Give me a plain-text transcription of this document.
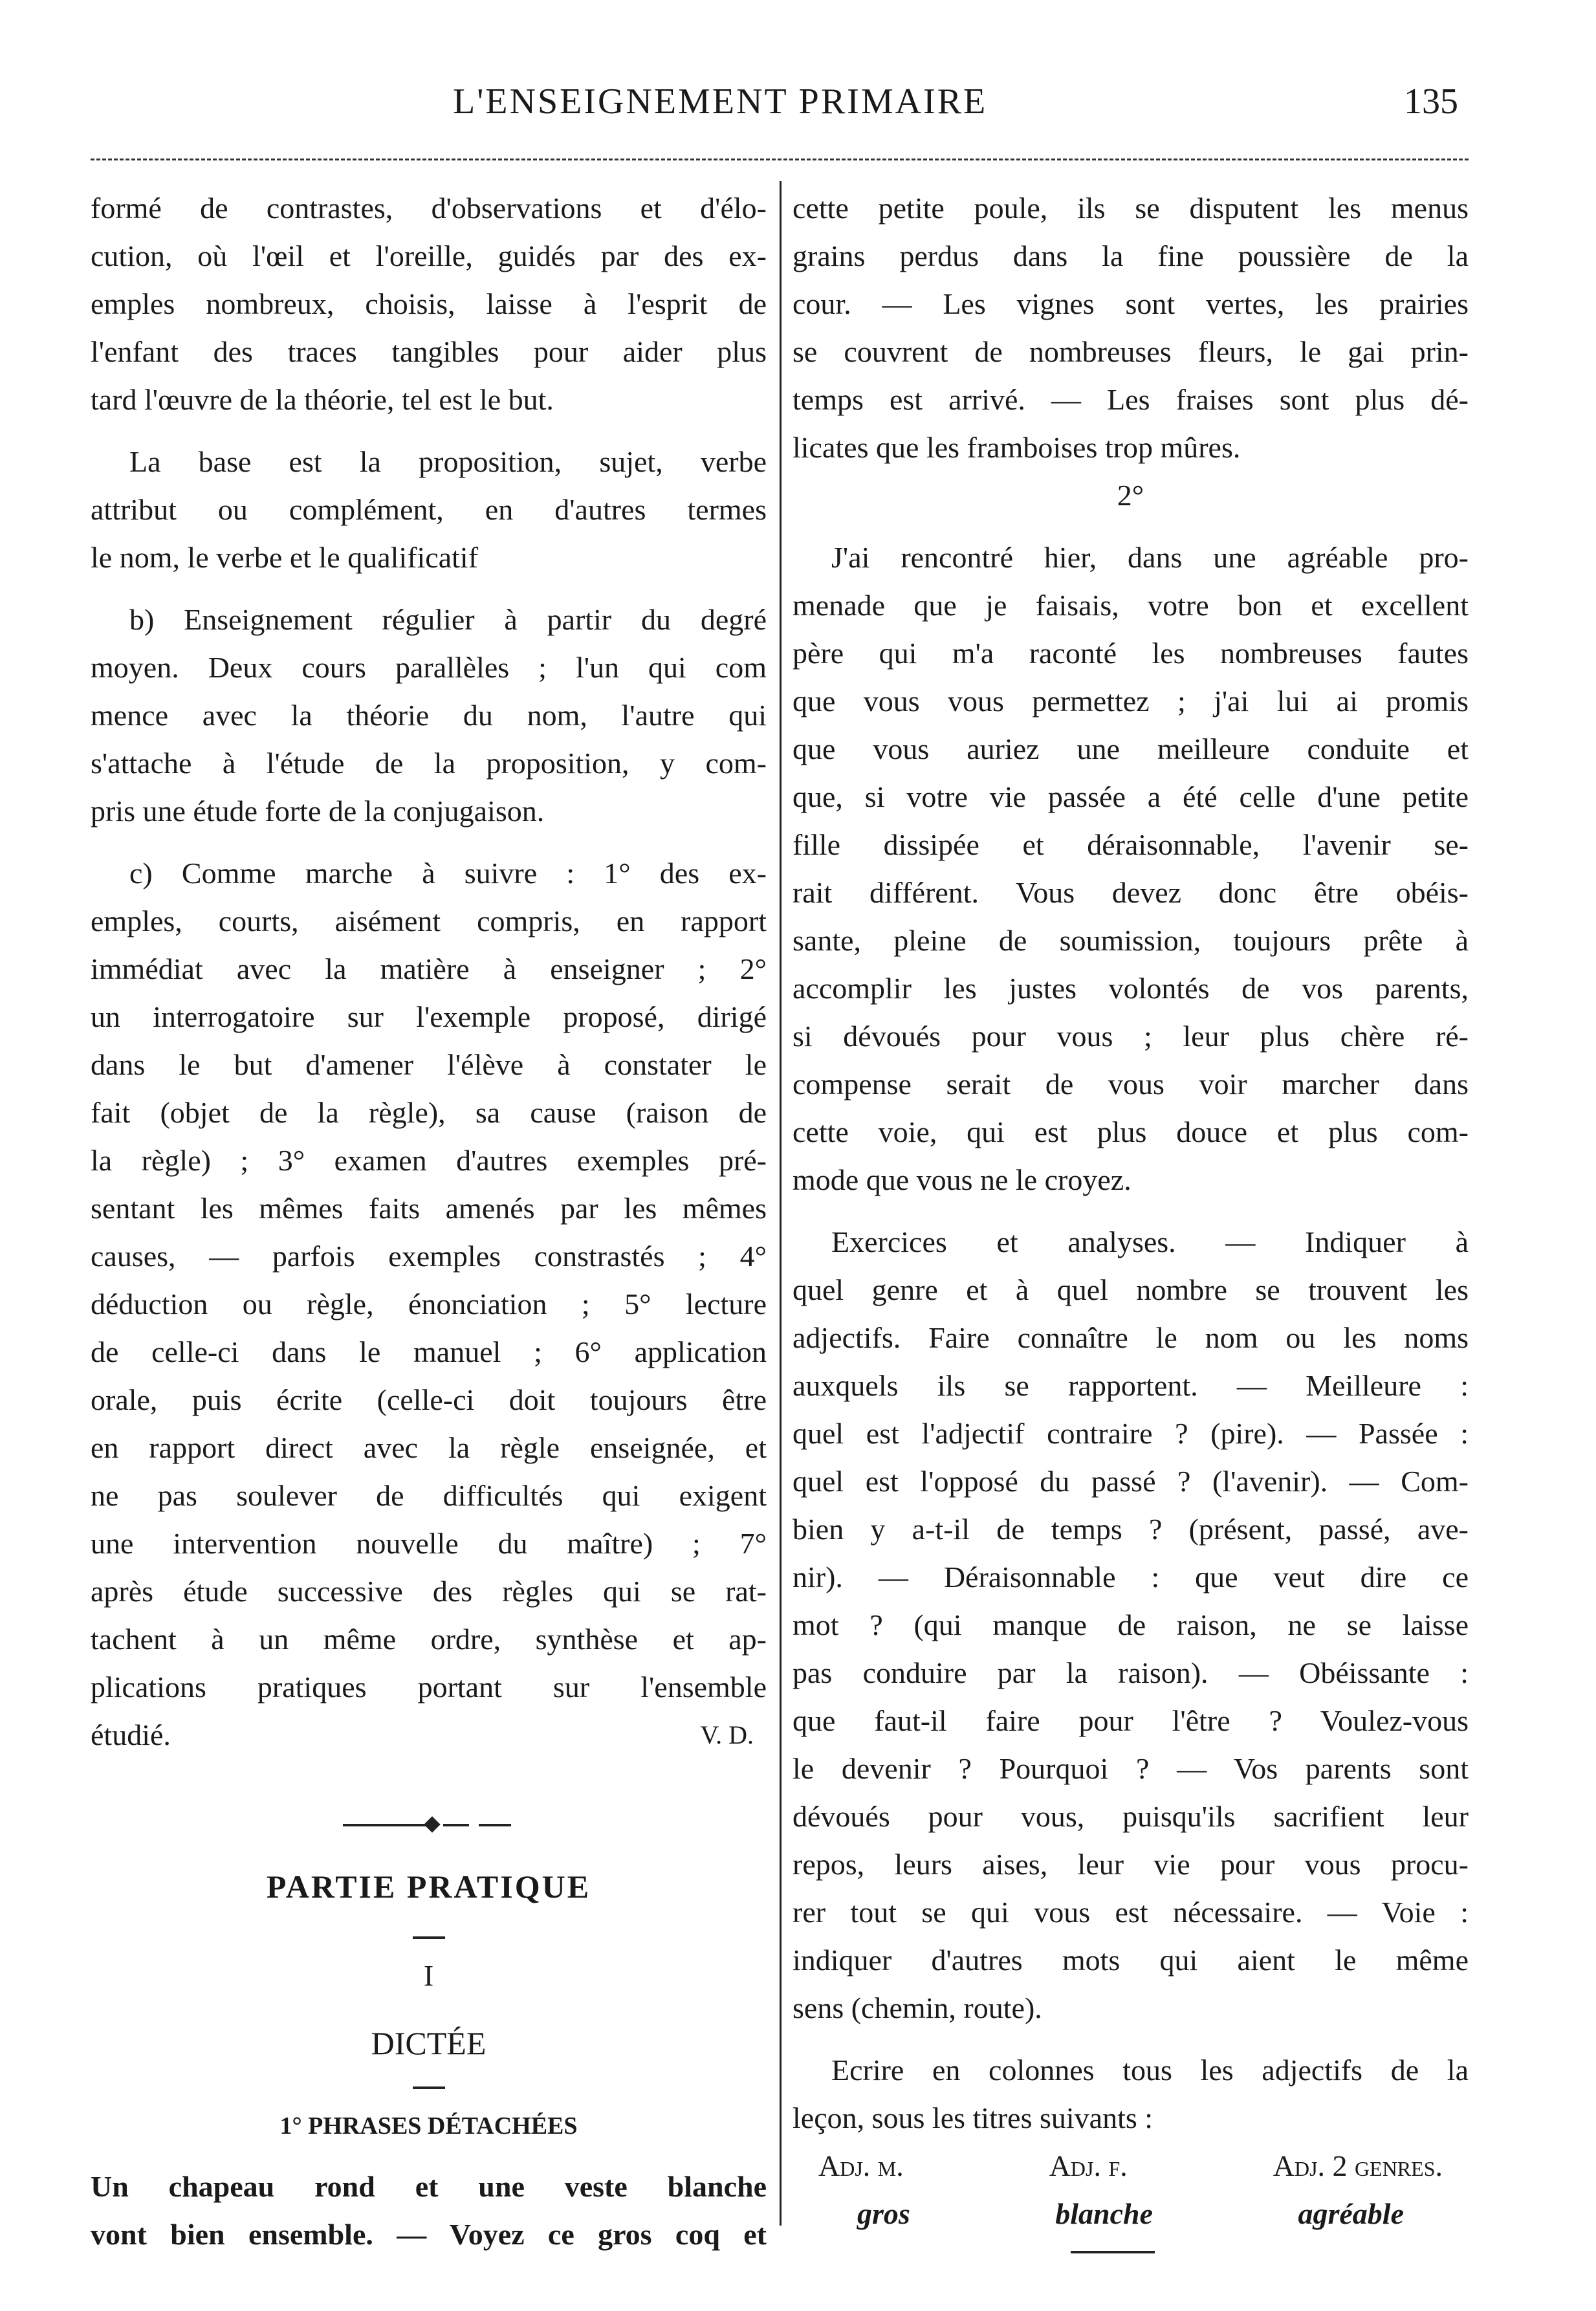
L'ENSEIGNEMENT PRIMAIRE	135
formé de contrastes, d'observations et d'élo-
cution, où l'œil et l'oreille, guidés par des ex-
emples nombreux, choisis, laisse à l'esprit de
l'enfant des traces tangibles pour aider plus
tard l'œuvre de la théorie, tel est le but.
La base est la proposition, sujet, verbe
attribut ou complément, en d'autres termes
le nom, le verbe et le qualificatif
b) Enseignement régulier à partir du degré
moyen. Deux cours parallèles ; l'un qui com
mence avec la théorie du nom, l'autre qui
s'attache à l'étude de la proposition, y com-
pris une étude forte de la conjugaison.
c) Comme marche à suivre : 1° des ex-
emples, courts, aisément compris, en rapport
immédiat avec la matière à enseigner ; 2°
un interrogatoire sur l'exemple proposé, dirigé
dans le but d'amener l'élève à constater le
fait (objet de la règle), sa cause (raison de
la règle) ; 3° examen d'autres exemples pré-
sentant les mêmes faits amenés par les mêmes
causes, — parfois exemples constrastés ; 4°
déduction ou règle, énonciation ; 5° lecture
de celle-ci dans le manuel ; 6° application
orale, puis écrite (celle-ci doit toujours être
en rapport direct avec la règle enseignée, et
ne pas soulever de difficultés qui exigent
une intervention nouvelle du maître) ; 7°
après étude successive des règles qui se rat-
tachent à un même ordre, synthèse et ap-
plications pratiques portant sur l'ensemble
étudié.	V. D.
PARTIE PRATIQUE
I
DICTÉE
1° PHRASES DÉTACHÉES
Un chapeau rond et une veste blanche
vont bien ensemble. — Voyez ce gros coq et
cette petite poule, ils se disputent les menus
grains perdus dans la fine poussière de la
cour. — Les vignes sont vertes, les prairies
se couvrent de nombreuses fleurs, le gai prin-
temps est arrivé. — Les fraises sont plus dé-
licates que les framboises trop mûres.
2°
J'ai rencontré hier, dans une agréable pro-
menade que je faisais, votre bon et excellent
père qui m'a raconté les nombreuses fautes
que vous vous permettez ; j'ai lui ai promis
que vous auriez une meilleure conduite et
que, si votre vie passée a été celle d'une petite
fille dissipée et déraisonnable, l'avenir se-
rait différent. Vous devez donc être obéis-
sante, pleine de soumission, toujours prête à
accomplir les justes volontés de vos parents,
si dévoués pour vous ; leur plus chère ré-
compense serait de vous voir marcher dans
cette voie, qui est plus douce et plus com-
mode que vous ne le croyez.
Exercices et analyses. — Indiquer à
quel genre et à quel nombre se trouvent les
adjectifs. Faire connaître le nom ou les noms
auxquels ils se rapportent. — Meilleure :
quel est l'adjectif contraire ? (pire). — Passée :
quel est l'opposé du passé ? (l'avenir). — Com-
bien y a-t-il de temps ? (présent, passé, ave-
nir). — Déraisonnable : que veut dire ce
mot ? (qui manque de raison, ne se laisse
pas conduire par la raison). — Obéissante :
que faut-il faire pour l'être ? Voulez-vous
le devenir ? Pourquoi ? — Vos parents sont
dévoués pour vous, puisqu'ils sacrifient leur
repos, leurs aises, leur vie pour vous procu-
rer tout se qui vous est nécessaire. — Voie :
indiquer d'autres mots qui aient le même
sens (chemin, route).
Ecrire en colonnes tous les adjectifs de la
leçon, sous les titres suivants :
Adj. m.	Adj. f.	Adj. 2 genres.
gros	blanche	agréable
